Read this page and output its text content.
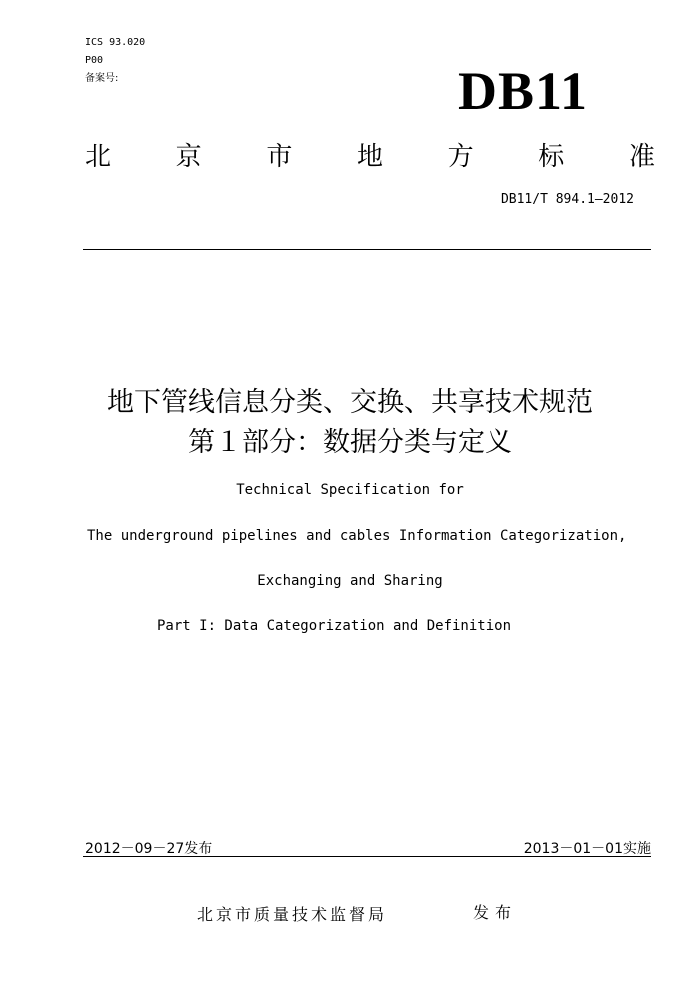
ICS 93.020
P00
备案号:	DB11
北 京 市 地 方 标 准
DB11/T 894.1—2012
地下管线信息分类、交换、共享技术规范
第１部分：数据分类与定义
Technical Specification for
The underground pipelines and cables Information Categorization,
Exchanging and Sharing
Part I: Data Categorization and Definition
2012－09－27发布	2013－01－01实施
北京市质量技术监督局	发布
